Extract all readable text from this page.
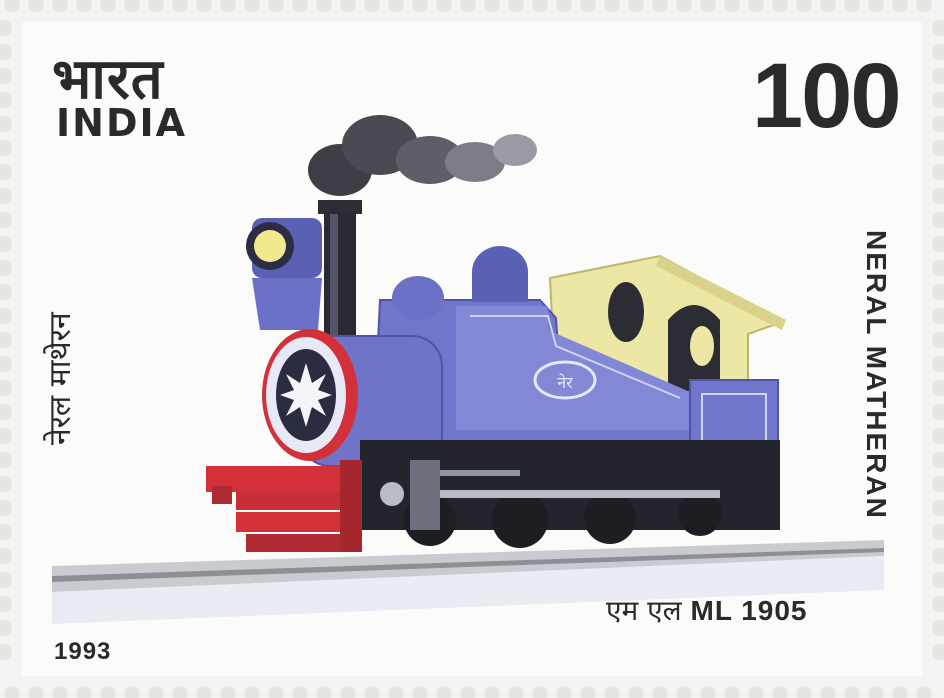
नेर
भारत
INDIA	100
नेरल माथेरन	NERAL MATHERAN
एम एल ML 1905
1993
